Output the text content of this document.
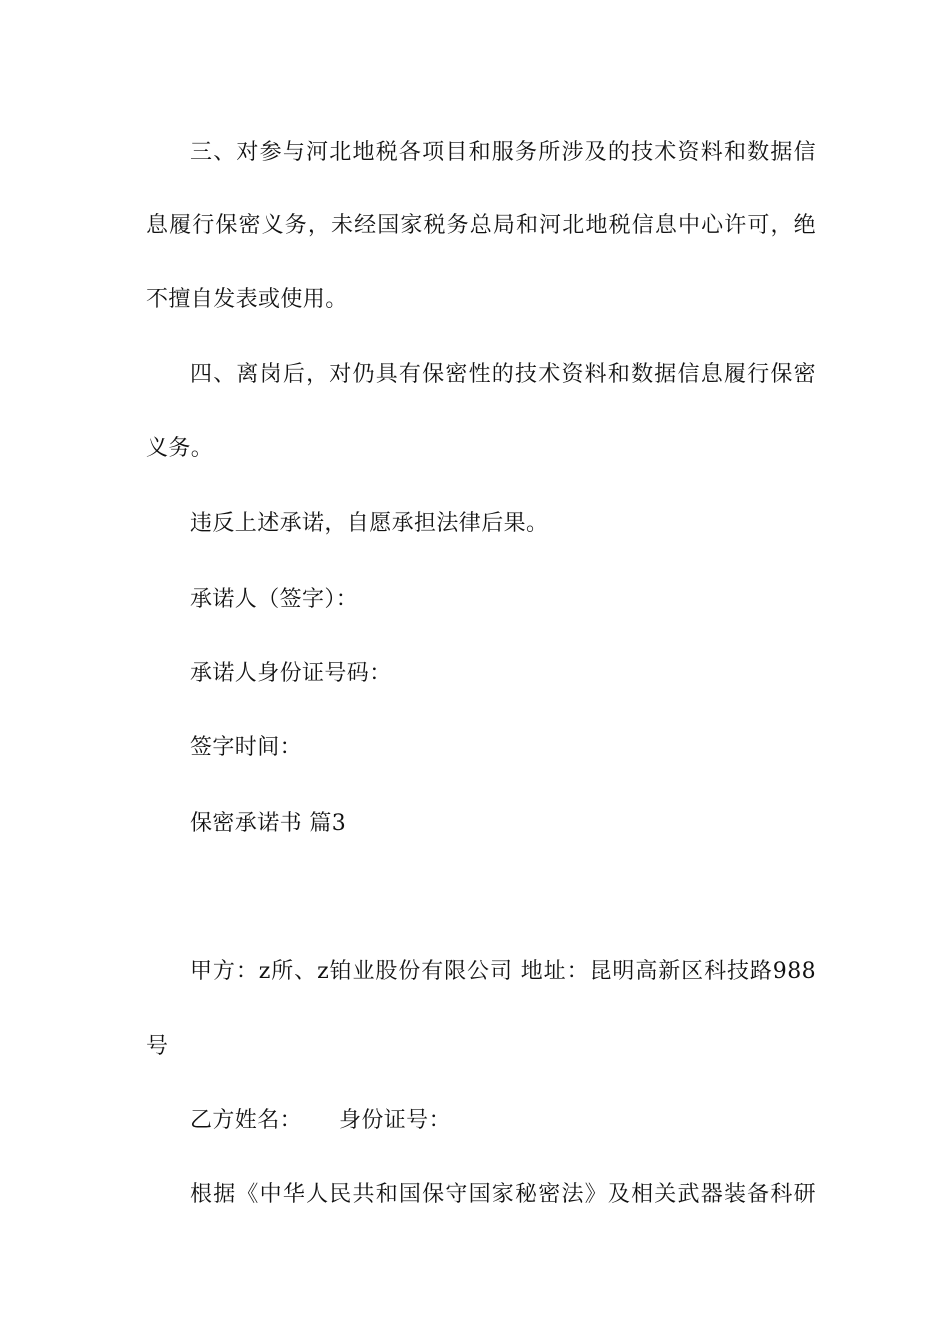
三、对参与河北地税各项目和服务所涉及的技术资料和数据信
息履行保密义务，未经国家税务总局和河北地税信息中心许可，绝
不擅自发表或使用。
四、离岗后，对仍具有保密性的技术资料和数据信息履行保密
义务。
违反上述承诺，自愿承担法律后果。
承诺人（签字）：
承诺人身份证号码：
签字时间：
保密承诺书 篇3
甲方：z所、z铂业股份有限公司 地址：昆明高新区科技路988
号
乙方姓名：     身份证号：
根据《中华人民共和国保守国家秘密法》及相关武器装备科研
